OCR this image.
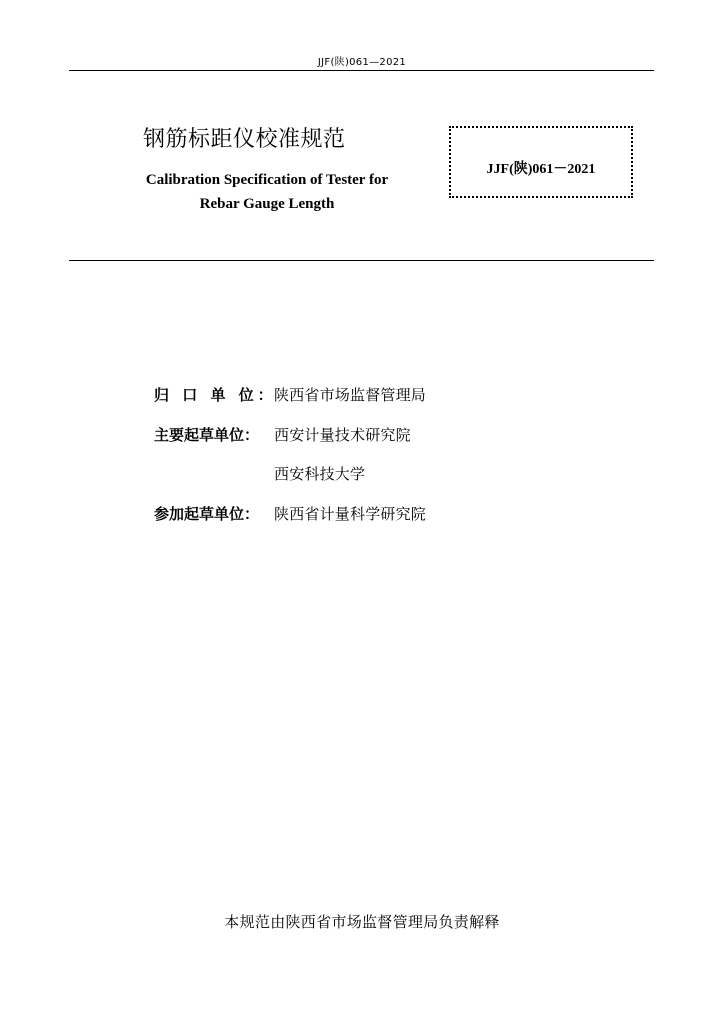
JJF(陕)061—2021
钢筋标距仪校准规范
Calibration Specification of Tester for
Rebar Gauge Length
JJF(陕)061－2021
归 口 单 位：
陕西省市场监督管理局
主要起草单位： 西安计量技术研究院
西安科技大学
参加起草单位： 陕西省计量科学研究院
本规范由陕西省市场监督管理局负责解释
